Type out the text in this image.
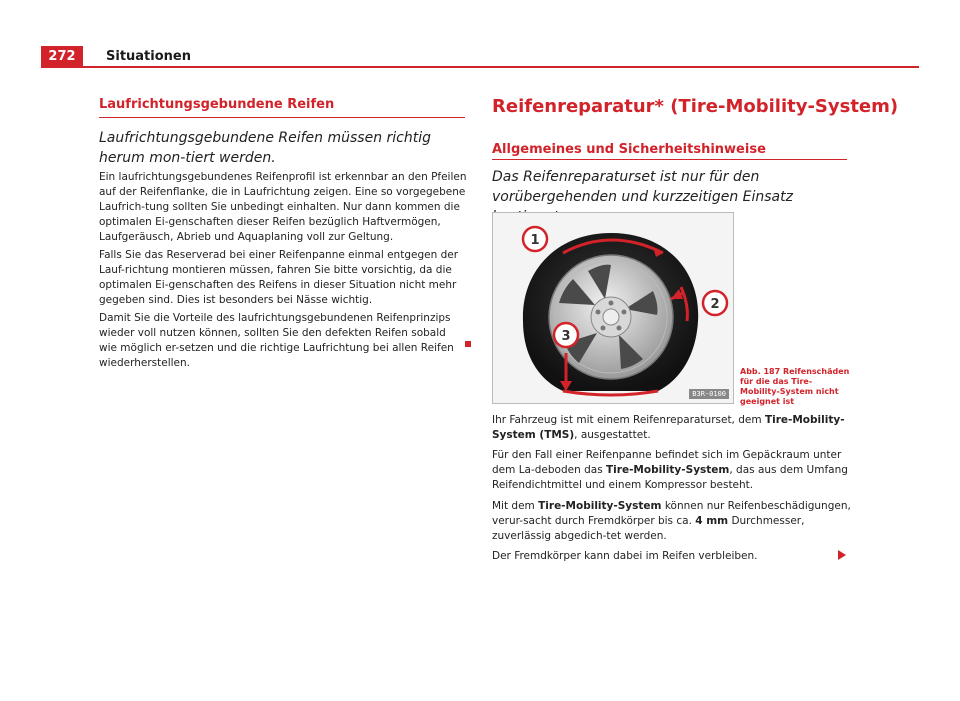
272	Situationen
Laufrichtungsgebundene Reifen
Laufrichtungsgebundene Reifen müssen richtig herum mon-tiert werden.
Ein laufrichtungsgebundenes Reifenprofil ist erkennbar an den Pfeilen auf der Reifenflanke, die in Laufrichtung zeigen. Eine so vorgegebene Laufrich-tung sollten Sie unbedingt einhalten. Nur dann kommen die optimalen Ei-genschaften dieser Reifen bezüglich Haftvermögen, Laufgeräusch, Abrieb und Aquaplaning voll zur Geltung.
Falls Sie das Reserverad bei einer Reifenpanne einmal entgegen der Lauf-richtung montieren müssen, fahren Sie bitte vorsichtig, da die optimalen Ei-genschaften des Reifens in dieser Situation nicht mehr gegeben sind. Dies ist besonders bei Nässe wichtig.
Damit Sie die Vorteile des laufrichtungsgebundenen Reifenprinzips wieder voll nutzen können, sollten Sie den defekten Reifen sobald wie möglich er-setzen und die richtige Laufrichtung bei allen Reifen wiederherstellen.
Reifenreparatur* (Tire-Mobility-System)
Allgemeines und Sicherheitshinweise
Das Reifenreparaturset ist nur für den vorübergehenden und kurzzeitigen Einsatz
1
2
3
B3R-0100
Abb. 187 Reifenschäden für die das Tire-Mobility-System nicht geeignet ist
Ihr Fahrzeug ist mit einem Reifenreparaturset, dem Tire-Mobility-System (TMS), ausgestattet.
Für den Fall einer Reifenpanne befindet sich im Gepäckraum unter dem La-deboden das Tire-Mobility-System, das aus dem Umfang Reifendichtmittel und einem Kompressor besteht.
Mit dem Tire-Mobility-System können nur Reifenbeschädigungen, verur-sacht durch Fremdkörper bis ca. 4 mm Durchmesser, zuverlässig abgedich-tet werden.
Der Fremdkörper kann dabei im Reifen verbleiben.
